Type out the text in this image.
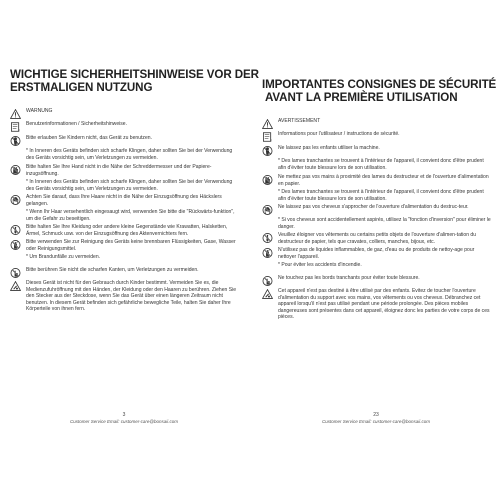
WICHTIGE SICHERHEITSHINWEISE VOR DER
ERSTMALIGEN NUTZUNG
WARNUNG
i
Benutzerinformationen / Sicherheitshinweise.
Bitte erlauben Sie Kindern nicht, das Gerät zu benutzen.
* In Inneren des Geräts befinden sich scharfe Klingen, daher sollten Sie bei der Verwendung des Geräts vorsichtig sein, um Verletzungen zu vermeiden.
Bitte halten Sie Ihre Hand nicht in die Nähe der Schreddermesser und der Papiere-inzugsöffnung.
* In Inneren des Geräts befinden sich scharfe Klingen, daher sollten Sie bei der Verwendung des Geräts vorsichtig sein, um Verletzungen zu vermeiden.
Achten Sie darauf, dass Ihre Haare nicht in die Nähe der Einzugsöffnung des Häckslers gelangen.
* Wenn Ihr Haar versehentlich eingesaugt wird, verwenden Sie bitte die "Rückwärts-funktion", um die Gefahr zu beseitigen.
Bitte halten Sie Ihre Kleidung oder andere kleine Gegenstände wie Krawatten, Halsketten, Ärmel, Schmuck usw. von der Einzugsöffnung des Aktenvernichters fern.
Bitte verwenden Sie zur Reinigung des Geräts keine brennbaren Flüssigkeiten, Gase, Wasser oder Reinigungsmittel.
* Um Brandunfälle zu vermeiden.
Bitte berühren Sie nicht die scharfen Kanten, um Verletzungen zu vermeiden.
Dieses Gerät ist nicht für den Gebrauch durch Kinder bestimmt. Vermeiden Sie es, die Medienzufuhröffnung mit den Händen, der Kleidung oder den Haaren zu berühren. Ziehen Sie den Stecker aus der Steckdose, wenn Sie das Gerät über einen längeren Zeitraum nicht benutzen. In diesem Gerät befinden sich gefährliche bewegliche Teile, halten Sie daher Ihre Körperteile von ihnen fern.
3
Customer Service Email: customer-care@bonsaii.com
IMPORTANTES CONSIGNES DE SÉCURITÉ
AVANT LA PREMIÈRE UTILISATION
AVERTISSEMENT
i
Informations pour l'utilisateur / instructions de sécurité.
Ne laissez pas les enfants utiliser la machine.
* Des lames tranchantes se trouvent à l'intérieur de l'appareil, il convient donc d'être prudent afin d'éviter toute blessure lors de son utilisation.
Ne mettez pas vos mains à proximité des lames du destructeur et de l'ouverture d'alimentation en papier.
* Des lames tranchantes se trouvent à l'intérieur de l'appareil, il convient donc d'être prudent afin d'éviter toute blessure lors de son utilisation.
Ne laissez pas vos cheveux s'approcher de l'ouverture d'alimentation du destruc-teur.
* Si vos cheveux sont accidentellement aspirés, utilisez la "fonction d'inversion" pour éliminer le danger.
Veuillez éloigner vos vêtements ou certains petits objets de l'ouverture d'alimen-tation du destructeur de papier, tels que cravates, colliers, manches, bijoux, etc.
N'utilisez pas de liquides inflammables, de gaz, d'eau ou de produits de nettoy-age pour nettoyer l'appareil.
* Pour éviter les accidents d'incendie.
Ne touchez pas les bords tranchants pour éviter toute blessure.
Cet appareil n'est pas destiné à être utilisé par des enfants. Evitez de toucher l'ouverture d'alimentation du support avec vos mains, vos vêtements ou vos cheveux. Débranchez cet appareil lorsqu'il n'est pas utilisé pendant une période prolongée. Des pièces mobiles dangereuses sont présentes dans cet appareil, éloignez donc les parties de votre corps de ces pièces.
23
Customer Service Email: customer-care@bonsaii.com
